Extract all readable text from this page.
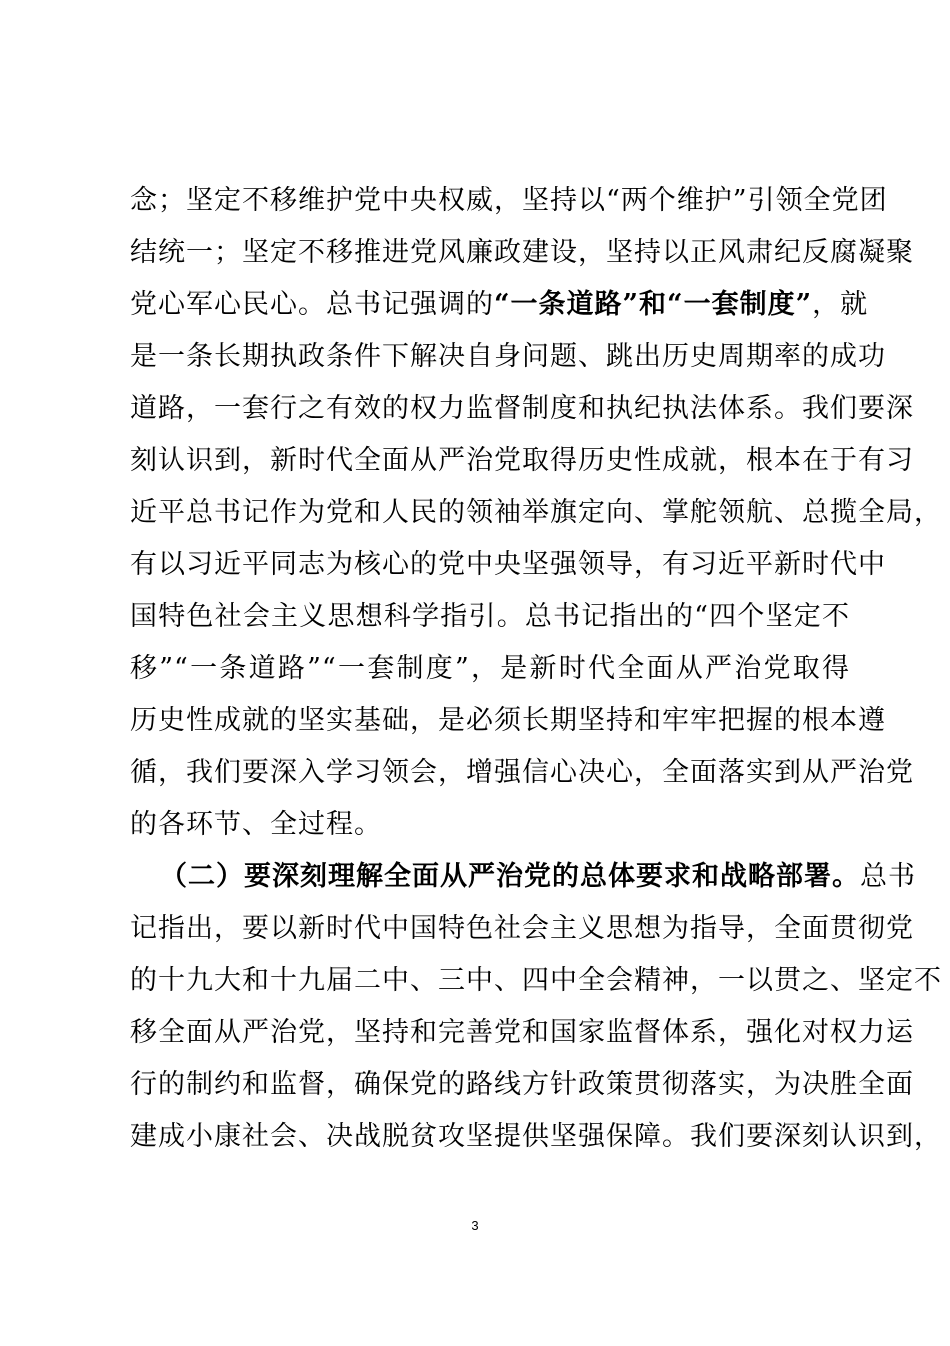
念；坚定不移维护党中央权威，坚持以“两个维护”引领全党团
结统一；坚定不移推进党风廉政建设，坚持以正风肃纪反腐凝聚
党心军心民心。总书记强调的“一条道路”和“一套制度”，就
是一条长期执政条件下解决自身问题、跳出历史周期率的成功
道路，一套行之有效的权力监督制度和执纪执法体系。我们要深
刻认识到，新时代全面从严治党取得历史性成就，根本在于有习
近平总书记作为党和人民的领袖举旗定向、掌舵领航、总揽全局，
有以习近平同志为核心的党中央坚强领导，有习近平新时代中
国特色社会主义思想科学指引。总书记指出的“四个坚定不
移”“一条道路”“一套制度”，是新时代全面从严治党取得
历史性成就的坚实基础，是必须长期坚持和牢牢把握的根本遵
循，我们要深入学习领会，增强信心决心，全面落实到从严治党
的各环节、全过程。
（二）要深刻理解全面从严治党的总体要求和战略部署。总书
记指出，要以新时代中国特色社会主义思想为指导，全面贯彻党
的十九大和十九届二中、三中、四中全会精神，一以贯之、坚定不
移全面从严治党，坚持和完善党和国家监督体系，强化对权力运
行的制约和监督，确保党的路线方针政策贯彻落实，为决胜全面
建成小康社会、决战脱贫攻坚提供坚强保障。我们要深刻认识到，
3
